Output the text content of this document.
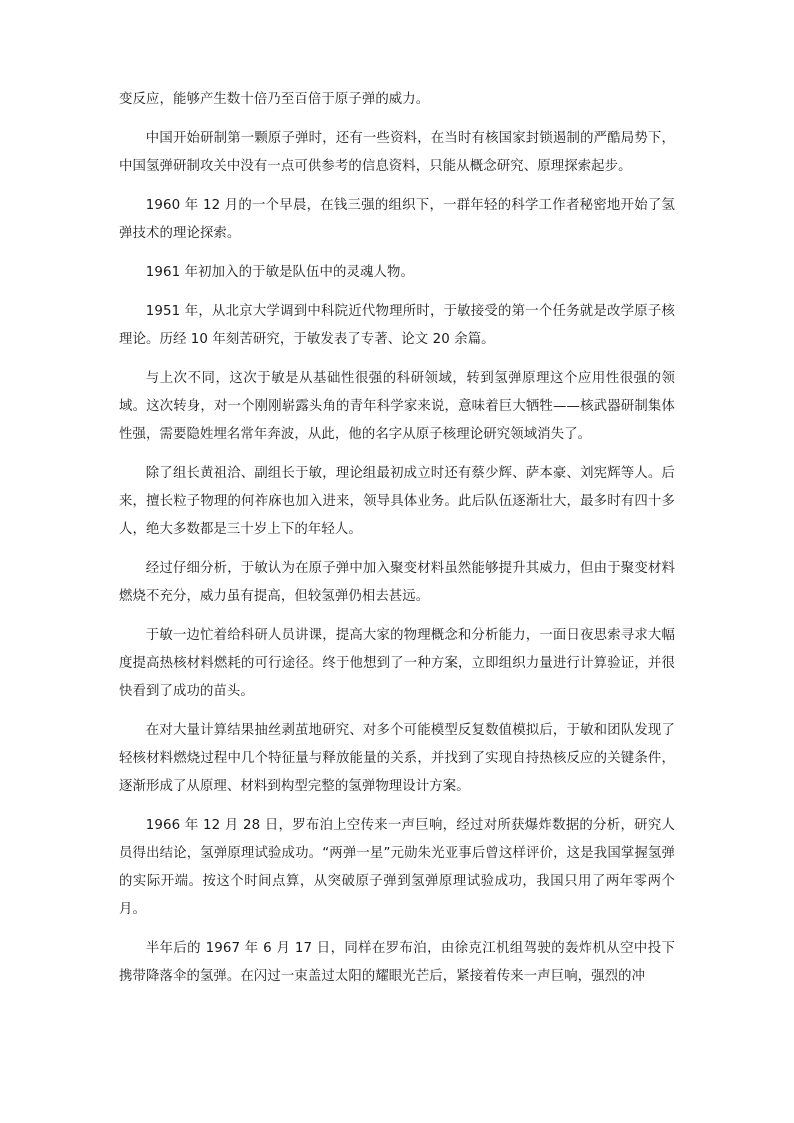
变反应，能够产生数十倍乃至百倍于原子弹的威力。

中国开始研制第一颗原子弹时，还有一些资料，在当时有核国家封锁遏制的严酷局势下，中国氢弹研制攻关中没有一点可供参考的信息资料，只能从概念研究、原理探索起步。

1960 年 12 月的一个早晨，在钱三强的组织下，一群年轻的科学工作者秘密地开始了氢弹技术的理论探索。

1961 年初加入的于敏是队伍中的灵魂人物。

1951 年，从北京大学调到中科院近代物理所时，于敏接受的第一个任务就是改学原子核理论。历经 10 年刻苦研究，于敏发表了专著、论文 20 余篇。

与上次不同，这次于敏是从基础性很强的科研领域，转到氢弹原理这个应用性很强的领域。这次转身，对一个刚刚崭露头角的青年科学家来说，意味着巨大牺牲——核武器研制集体性强，需要隐姓埋名常年奔波，从此，他的名字从原子核理论研究领域消失了。

除了组长黄祖洽、副组长于敏，理论组最初成立时还有蔡少辉、萨本豪、刘宪辉等人。后来，擅长粒子物理的何祚庥也加入进来，领导具体业务。此后队伍逐渐壮大，最多时有四十多人，绝大多数都是三十岁上下的年轻人。

经过仔细分析，于敏认为在原子弹中加入聚变材料虽然能够提升其威力，但由于聚变材料燃烧不充分，威力虽有提高，但较氢弹仍相去甚远。

于敏一边忙着给科研人员讲课，提高大家的物理概念和分析能力，一面日夜思索寻求大幅度提高热核材料燃耗的可行途径。终于他想到了一种方案，立即组织力量进行计算验证，并很快看到了成功的苗头。

在对大量计算结果抽丝剥茧地研究、对多个可能模型反复数值模拟后，于敏和团队发现了轻核材料燃烧过程中几个特征量与释放能量的关系，并找到了实现自持热核反应的关键条件，逐渐形成了从原理、材料到构型完整的氢弹物理设计方案。

1966 年 12 月 28 日，罗布泊上空传来一声巨响，经过对所获爆炸数据的分析，研究人员得出结论，氢弹原理试验成功。“两弹一星”元勋朱光亚事后曾这样评价，这是我国掌握氢弹的实际开端。按这个时间点算，从突破原子弹到氢弹原理试验成功，我国只用了两年零两个月。

半年后的 1967 年 6 月 17 日，同样在罗布泊，由徐克江机组驾驶的轰炸机从空中投下携带降落伞的氢弹。在闪过一束盖过太阳的耀眼光芒后，紧接着传来一声巨响，强烈的冲
